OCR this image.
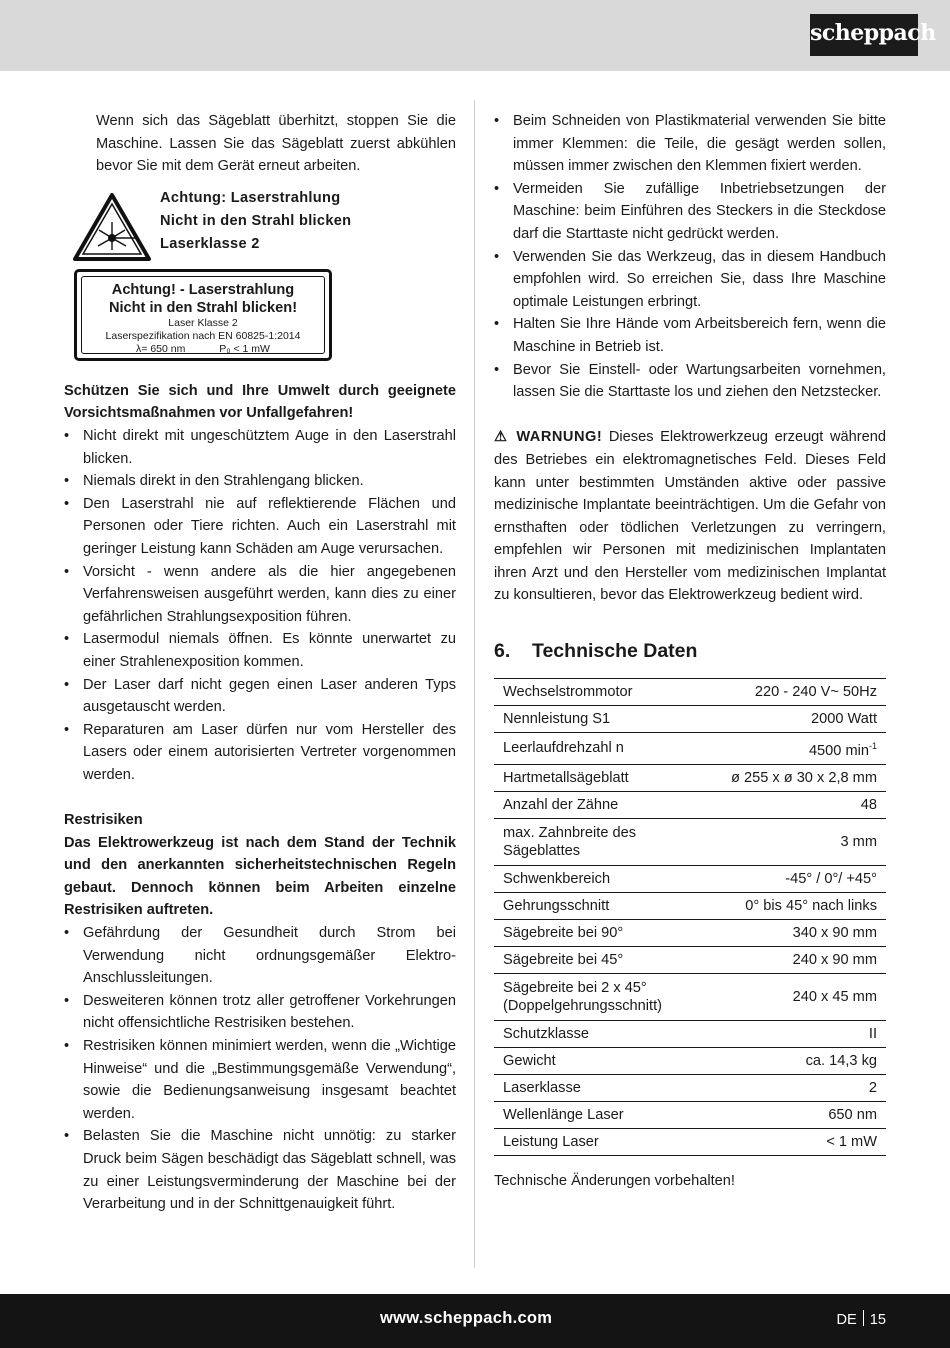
scheppach

Wenn sich das Sägeblatt überhitzt, stoppen Sie die Maschine. Lassen Sie das Sägeblatt zuerst abkühlen bevor Sie mit dem Gerät erneut arbeiten.

Achtung: Laserstrahlung
Nicht in den Strahl blicken
Laserklasse 2
Achtung! - Laserstrahlung
Nicht in den Strahl blicken!
Laser Klasse 2
Laserspezifikation nach EN 60825-1:2014
λ= 650 nm	P₀ < 1 mW

Schützen Sie sich und Ihre Umwelt durch geeignete Vorsichtsmaßnahmen vor Unfallgefahren!

• Nicht direkt mit ungeschütztem Auge in den Laserstrahl blicken.
• Niemals direkt in den Strahlengang blicken.
• Den Laserstrahl nie auf reflektierende Flächen und Personen oder Tiere richten. Auch ein Laserstrahl mit geringer Leistung kann Schäden am Auge verursachen.
• Vorsicht - wenn andere als die hier angegebenen Verfahrensweisen ausgeführt werden, kann dies zu einer gefährlichen Strahlungsexposition führen.
• Lasermodul niemals öffnen. Es könnte unerwartet zu einer Strahlenexposition kommen.
• Der Laser darf nicht gegen einen Laser anderen Typs ausgetauscht werden.
• Reparaturen am Laser dürfen nur vom Hersteller des Lasers oder einem autorisierten Vertreter vorgenommen werden.

Restrisiken

Das Elektrowerkzeug ist nach dem Stand der Technik und den anerkannten sicherheitstechnischen Regeln gebaut. Dennoch können beim Arbeiten einzelne Restrisiken auftreten.

• Gefährdung der Gesundheit durch Strom bei Verwendung nicht ordnungsgemäßer Elektro-Anschlussleitungen.
• Desweiteren können trotz aller getroffener Vorkehrungen nicht offensichtliche Restrisiken bestehen.
• Restrisiken können minimiert werden, wenn die „Wichtige Hinweise“ und die „Bestimmungsgemäße Verwendung“, sowie die Bedienungsanweisung insgesamt beachtet werden.
• Belasten Sie die Maschine nicht unnötig: zu starker Druck beim Sägen beschädigt das Sägeblatt schnell, was zu einer Leistungsverminderung der Maschine bei der Verarbeitung und in der Schnittgenauigkeit führt.
• Beim Schneiden von Plastikmaterial verwenden Sie bitte immer Klemmen: die Teile, die gesägt werden sollen, müssen immer zwischen den Klemmen fixiert werden.
• Vermeiden Sie zufällige Inbetriebsetzungen der Maschine: beim Einführen des Steckers in die Steckdose darf die Starttaste nicht gedrückt werden.
• Verwenden Sie das Werkzeug, das in diesem Handbuch empfohlen wird. So erreichen Sie, dass Ihre Maschine optimale Leistungen erbringt.
• Halten Sie Ihre Hände vom Arbeitsbereich fern, wenn die Maschine in Betrieb ist.
• Bevor Sie Einstell- oder Wartungsarbeiten vornehmen, lassen Sie die Starttaste los und ziehen den Netzstecker.

⚠ WARNUNG! Dieses Elektrowerkzeug erzeugt während des Betriebes ein elektromagnetisches Feld. Dieses Feld kann unter bestimmten Umständen aktive oder passive medizinische Implantate beeinträchtigen. Um die Gefahr von ernsthaften oder tödlichen Verletzungen zu verringern, empfehlen wir Personen mit medizinischen Implantaten ihren Arzt und den Hersteller vom medizinischen Implantat zu konsultieren, bevor das Elektrowerkzeug bedient wird.

6. Technische Daten
Wechselstrommotor	220 - 240 V~ 50Hz
Nennleistung S1	2000 Watt
Leerlaufdrehzahl n	4500 $\min^{-1}$
Hartmetallsägeblatt	ø 255 x ø 30 x 2,8 mm
Anzahl der Zähne	48
max. Zahnbreite des Sägeblattes	3 mm
Schwenkbereich	-45° / 0°/ +45°
Gehrungsschnitt	0° bis 45° nach links
Sägebreite bei 90°	340 x 90 mm
Sägebreite bei 45°	240 x 90 mm
Sägebreite bei 2 x 45° (Doppelgehrungsschnitt)	240 x 45 mm
Schutzklasse	II
Gewicht	ca. 14,3 kg
Laserklasse	2
Wellenlänge Laser	650 nm
Leistung Laser	< 1 mW

Technische Änderungen vorbehalten!

www.scheppach.com	DE 15
